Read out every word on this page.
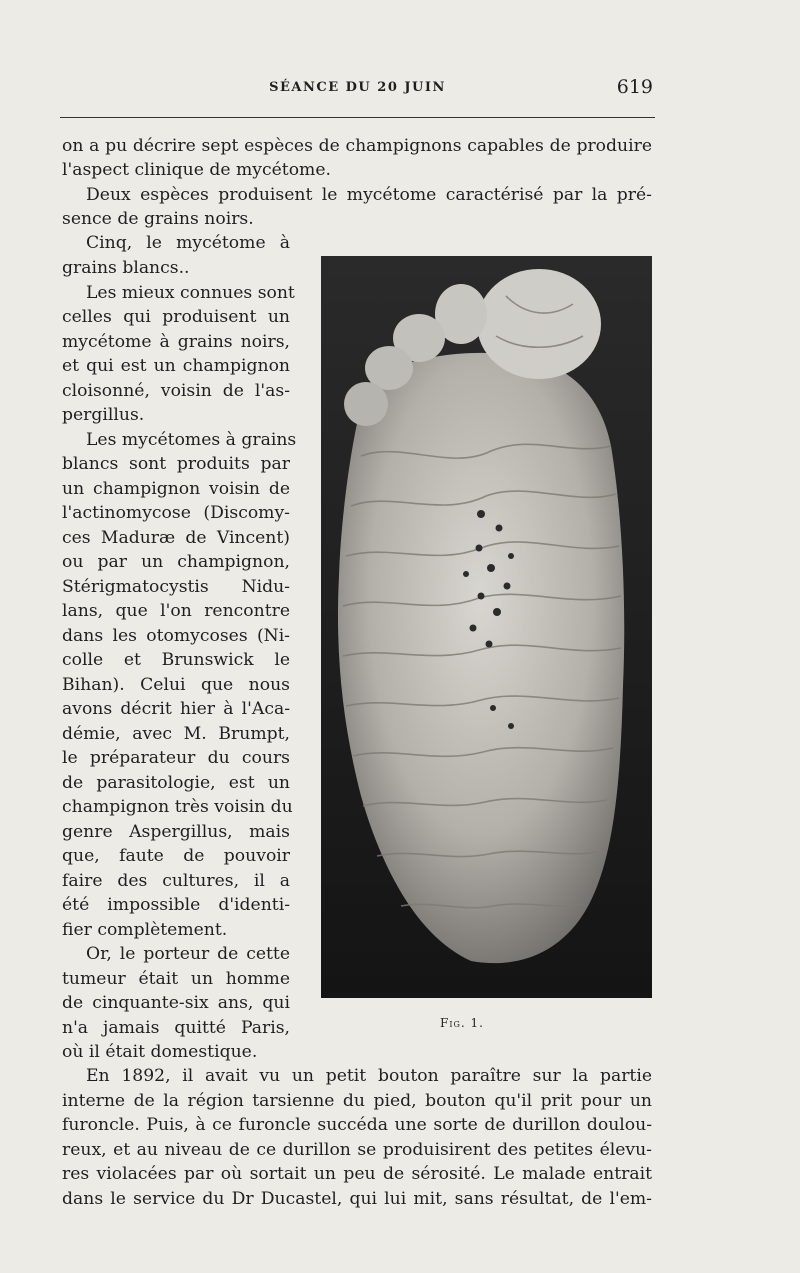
SÉANCE DU 20 JUIN	619
on a pu décrire sept espèces de champignons capables de produire
l'aspect clinique de mycétome.
Deux espèces produisent le mycétome caractérisé par la pré-
sence de grains noirs.
Cinq, le mycétome à
grains blancs..
Les mieux connues sont
celles qui produisent un
mycétome à grains noirs,
et qui est un champignon
cloisonné, voisin de l'as-
pergillus.
Les mycétomes à grains
blancs sont produits par
un champignon voisin de
l'actinomycose (Discomy-
ces Maduræ de Vincent)
ou par un champignon,
Stérigmatocystis Nidu-
lans, que l'on rencontre
dans les otomycoses (Ni-
colle et Brunswick le
Bihan). Celui que nous
avons décrit hier à l'Aca-
démie, avec M. Brumpt,
le préparateur du cours
de parasitologie, est un
champignon très voisin du
genre Aspergillus, mais
que, faute de pouvoir
faire des cultures, il a
été impossible d'identi-
fier complètement.
Or, le porteur de cette
tumeur était un homme
de cinquante-six ans, qui
n'a jamais quitté Paris,
où il était domestique.
En 1892, il avait vu un petit bouton paraître sur la partie
interne de la région tarsienne du pied, bouton qu'il prit pour un
furoncle. Puis, à ce furoncle succéda une sorte de durillon doulou-
reux, et au niveau de ce durillon se produisirent des petites élevu-
res violacées par où sortait un peu de sérosité. Le malade entrait
dans le service du Dr Ducastel, qui lui mit, sans résultat, de l'em-
Fig. 1.
